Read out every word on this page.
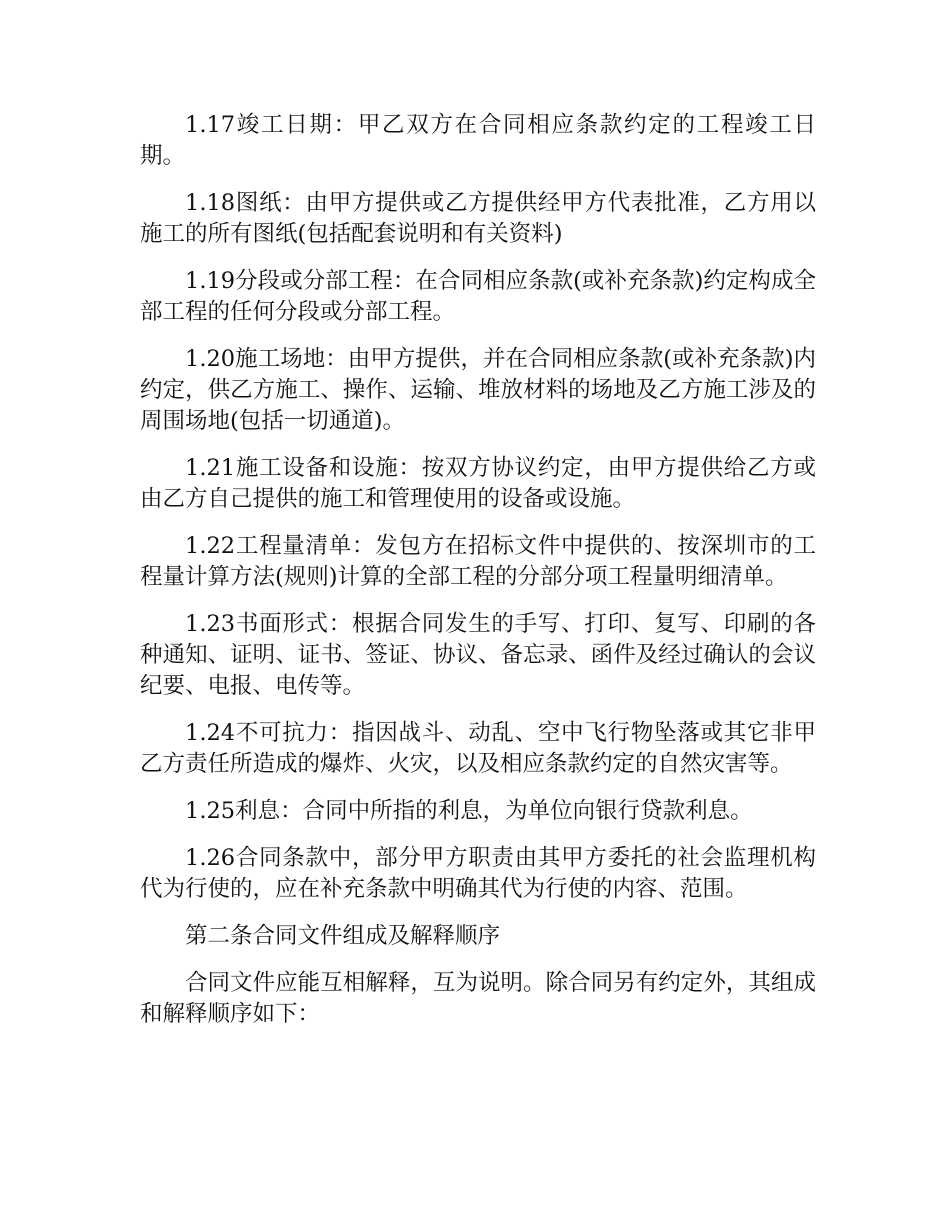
1.17竣工日期：甲乙双方在合同相应条款约定的工程竣工日期。

1.18图纸：由甲方提供或乙方提供经甲方代表批准，乙方用以施工的所有图纸(包括配套说明和有关资料)

1.19分段或分部工程：在合同相应条款(或补充条款)约定构成全部工程的任何分段或分部工程。

1.20施工场地：由甲方提供，并在合同相应条款(或补充条款)内约定，供乙方施工、操作、运输、堆放材料的场地及乙方施工涉及的周围场地(包括一切通道)。

1.21施工设备和设施：按双方协议约定，由甲方提供给乙方或由乙方自己提供的施工和管理使用的设备或设施。

1.22工程量清单：发包方在招标文件中提供的、按深圳市的工程量计算方法(规则)计算的全部工程的分部分项工程量明细清单。

1.23书面形式：根据合同发生的手写、打印、复写、印刷的各种通知、证明、证书、签证、协议、备忘录、函件及经过确认的会议纪要、电报、电传等。

1.24不可抗力：指因战斗、动乱、空中飞行物坠落或其它非甲乙方责任所造成的爆炸、火灾，以及相应条款约定的自然灾害等。

1.25利息：合同中所指的利息，为单位向银行贷款利息。

1.26合同条款中，部分甲方职责由其甲方委托的社会监理机构代为行使的，应在补充条款中明确其代为行使的内容、范围。

第二条合同文件组成及解释顺序

合同文件应能互相解释，互为说明。除合同另有约定外，其组成和解释顺序如下：
